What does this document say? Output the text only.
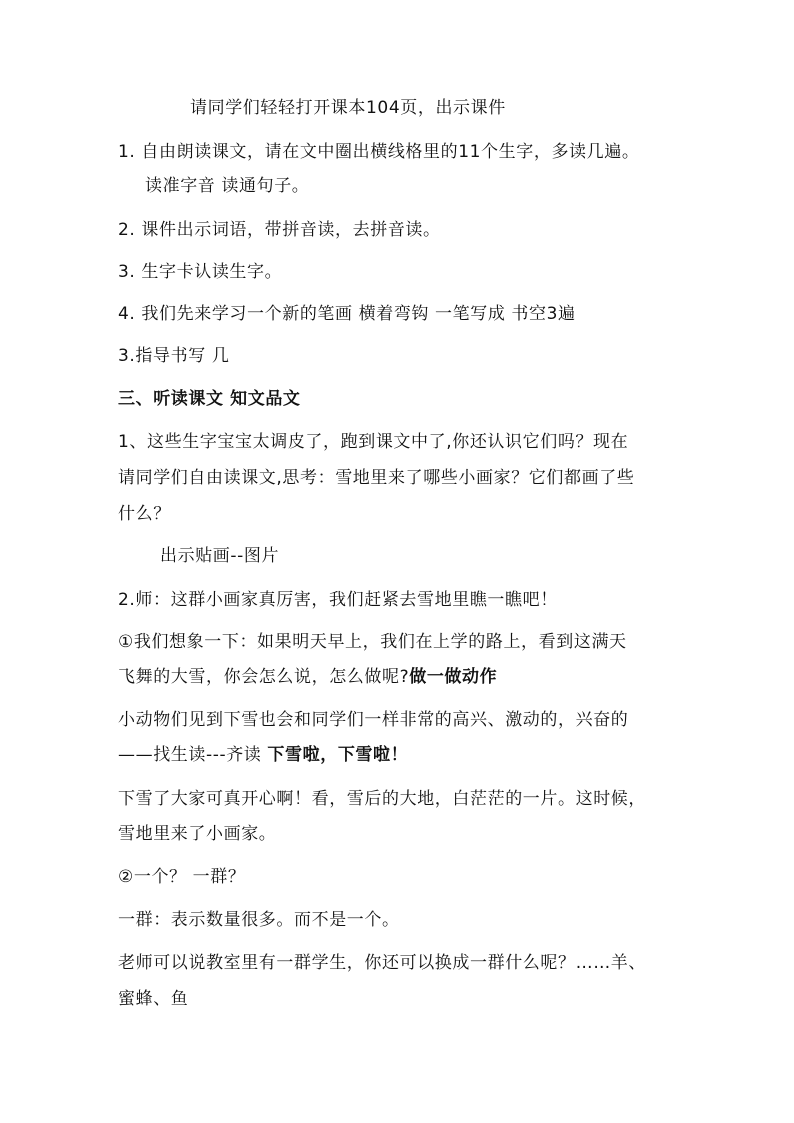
请同学们轻轻打开课本104页，出示课件
1. 自由朗读课文，请在文中圈出横线格里的11个生字，多读几遍。
读准字音 读通句子。
2. 课件出示词语，带拼音读，去拼音读。
3. 生字卡认读生字。
4. 我们先来学习一个新的笔画 横着弯钩 一笔写成 书空3遍
3.指导书写 几
三、听读课文 知文品文
1、这些生字宝宝太调皮了，跑到课文中了,你还认识它们吗？现在
请同学们自由读课文,思考：雪地里来了哪些小画家？它们都画了些
什么？
出示贴画--图片
2.师：这群小画家真厉害，我们赶紧去雪地里瞧一瞧吧！
①我们想象一下：如果明天早上，我们在上学的路上，看到这满天
飞舞的大雪，你会怎么说，怎么做呢?做一做动作
小动物们见到下雪也会和同学们一样非常的高兴、激动的，兴奋的
——找生读---齐读 下雪啦，下雪啦！
下雪了大家可真开心啊！看，雪后的大地，白茫茫的一片。这时候，
雪地里来了小画家。
②一个？ 一群？
一群：表示数量很多。而不是一个。
老师可以说教室里有一群学生，你还可以换成一群什么呢？……羊、
蜜蜂、鱼
